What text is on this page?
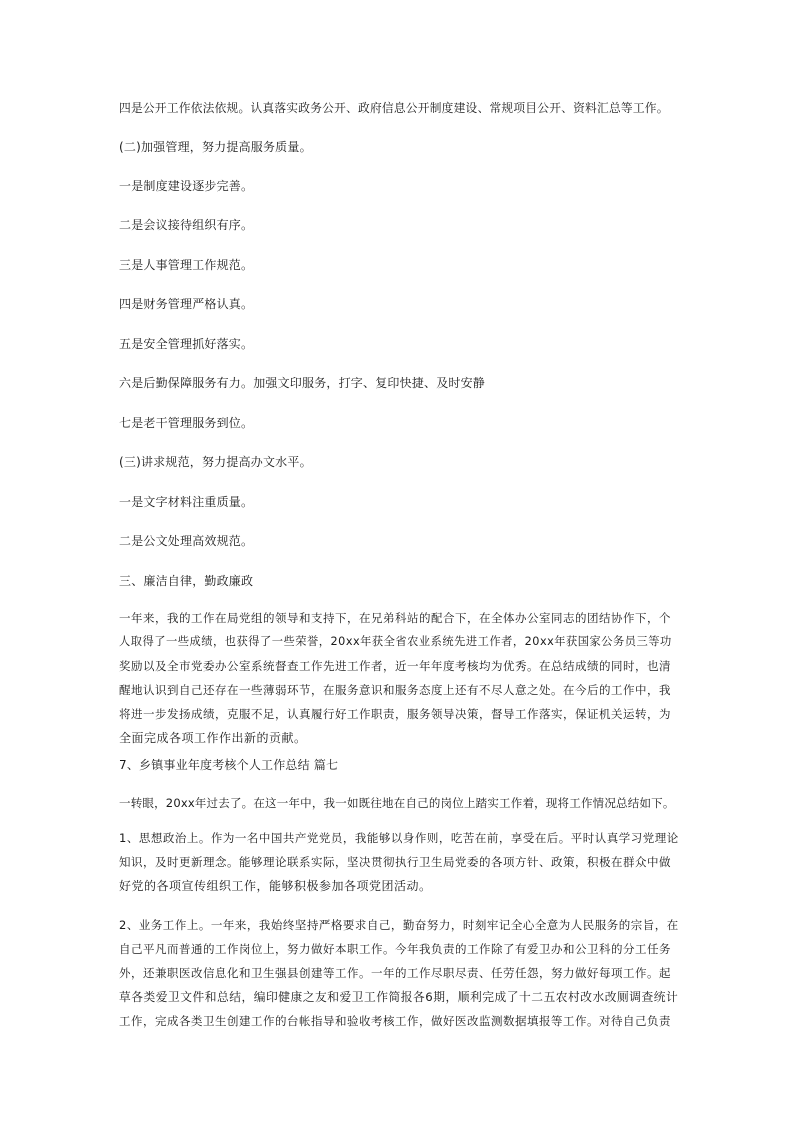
四是公开工作依法依规。认真落实政务公开、政府信息公开制度建设、常规项目公开、资料汇总等工作。
(二)加强管理，努力提高服务质量。
一是制度建设逐步完善。
二是会议接待组织有序。
三是人事管理工作规范。
四是财务管理严格认真。
五是安全管理抓好落实。
六是后勤保障服务有力。加强文印服务，打字、复印快捷、及时安静
七是老干管理服务到位。
(三)讲求规范，努力提高办文水平。
一是文字材料注重质量。
二是公文处理高效规范。
三、廉洁自律，勤政廉政
一年来，我的工作在局党组的领导和支持下，在兄弟科站的配合下，在全体办公室同志的团结协作下，个
人取得了一些成绩，也获得了一些荣誉，20xx年获全省农业系统先进工作者，20xx年获国家公务员三等功
奖励以及全市党委办公室系统督查工作先进工作者，近一年年度考核均为优秀。在总结成绩的同时，也清
醒地认识到自己还存在一些薄弱环节，在服务意识和服务态度上还有不尽人意之处。在今后的工作中，我
将进一步发扬成绩，克服不足，认真履行好工作职责，服务领导决策，督导工作落实，保证机关运转，为
全面完成各项工作作出新的贡献。
7、乡镇事业年度考核个人工作总结 篇七
一转眼，20xx年过去了。在这一年中，我一如既往地在自己的岗位上踏实工作着，现将工作情况总结如下。
1、思想政治上。作为一名中国共产党党员，我能够以身作则，吃苦在前，享受在后。平时认真学习党理论
知识，及时更新理念。能够理论联系实际，坚决贯彻执行卫生局党委的各项方针、政策，积极在群众中做
好党的各项宣传组织工作，能够积极参加各项党团活动。
2、业务工作上。一年来，我始终坚持严格要求自己，勤奋努力，时刻牢记全心全意为人民服务的宗旨，在
自己平凡而普通的工作岗位上，努力做好本职工作。今年我负责的工作除了有爱卫办和公卫科的分工任务
外，还兼职医改信息化和卫生强县创建等工作。一年的工作尽职尽责、任劳任怨，努力做好每项工作。起
草各类爱卫文件和总结，编印健康之友和爱卫工作简报各6期，顺利完成了十二五农村改水改厕调查统计
工作，完成各类卫生创建工作的台帐指导和验收考核工作，做好医改监测数据填报等工作。对待自己负责
